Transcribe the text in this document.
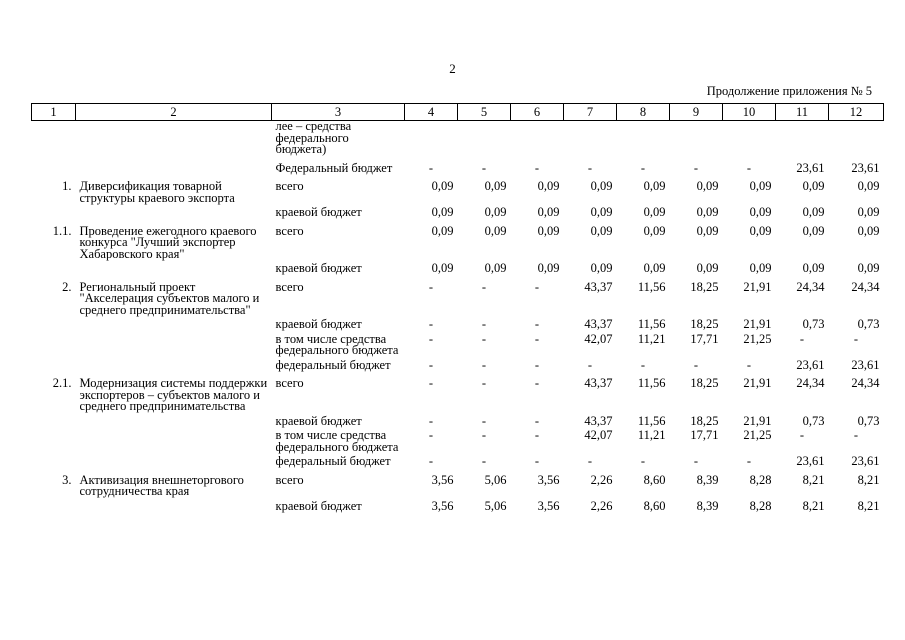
2
Продолжение приложения № 5
1	2	3	4	5	6	7	8	9	10	11	12
		лее – средства федерального бюджета)									
		Федеральный бюджет	-	-	-	-	-	-	-	23,61	23,61
1.	Диверсификация товарной структуры краевого экспорта	всего	0,09	0,09	0,09	0,09	0,09	0,09	0,09	0,09	0,09
		краевой бюджет	0,09	0,09	0,09	0,09	0,09	0,09	0,09	0,09	0,09
1.1.	Проведение ежегодного краевого конкурса "Лучший экспортер Хабаровского края"	всего	0,09	0,09	0,09	0,09	0,09	0,09	0,09	0,09	0,09
		краевой бюджет	0,09	0,09	0,09	0,09	0,09	0,09	0,09	0,09	0,09
2.	Региональный проект "Акселерация субъектов малого и среднего предпринимательства"	всего	-	-	-	43,37	11,56	18,25	21,91	24,34	24,34
		краевой бюджет	-	-	-	43,37	11,56	18,25	21,91	0,73	0,73
		в том числе средства федерального бюджета	-	-	-	42,07	11,21	17,71	21,25	-	-
		федеральный бюджет	-	-	-	-	-	-	-	23,61	23,61
2.1.	Модернизация системы поддержки экспортеров – субъектов малого и среднего предпринимательства	всего	-	-	-	43,37	11,56	18,25	21,91	24,34	24,34
		краевой бюджет	-	-	-	43,37	11,56	18,25	21,91	0,73	0,73
		в том числе средства федерального бюджета	-	-	-	42,07	11,21	17,71	21,25	-	-
		федеральный бюджет	-	-	-	-	-	-	-	23,61	23,61
3.	Активизация внешнеторгового сотрудничества края	всего	3,56	5,06	3,56	2,26	8,60	8,39	8,28	8,21	8,21
		краевой бюджет	3,56	5,06	3,56	2,26	8,60	8,39	8,28	8,21	8,21
